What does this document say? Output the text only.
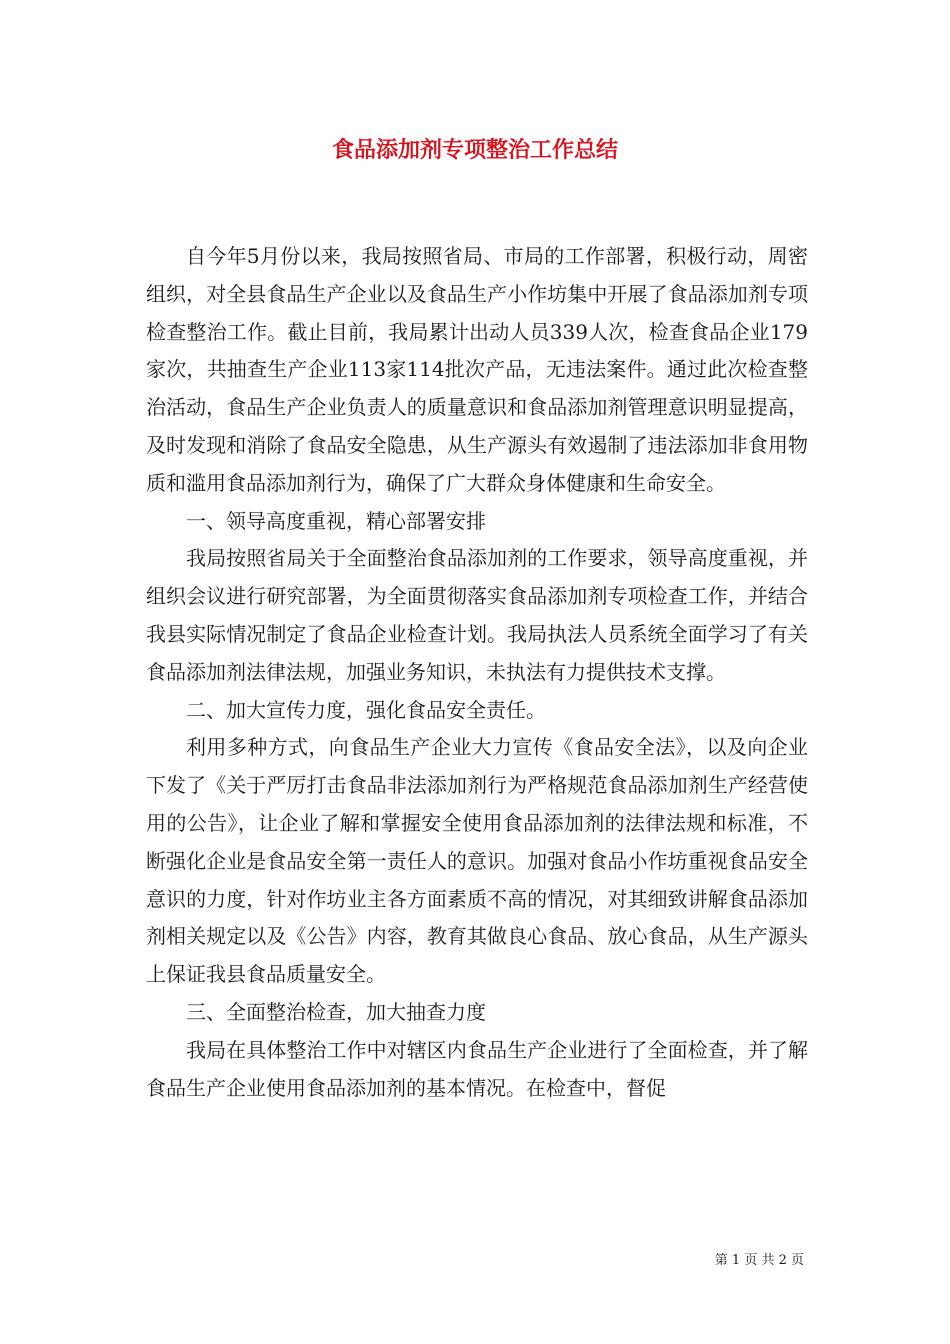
食品添加剂专项整治工作总结

自今年5月份以来，我局按照省局、市局的工作部署，积极行动，周密组织，对全县食品生产企业以及食品生产小作坊集中开展了食品添加剂专项检查整治工作。截止目前，我局累计出动人员339人次，检查食品企业179家次，共抽查生产企业113家114批次产品，无违法案件。通过此次检查整治活动，食品生产企业负责人的质量意识和食品添加剂管理意识明显提高，及时发现和消除了食品安全隐患，从生产源头有效遏制了违法添加非食用物质和滥用食品添加剂行为，确保了广大群众身体健康和生命安全。

一、领导高度重视，精心部署安排

我局按照省局关于全面整治食品添加剂的工作要求，领导高度重视，并组织会议进行研究部署，为全面贯彻落实食品添加剂专项检查工作，并结合我县实际情况制定了食品企业检查计划。我局执法人员系统全面学习了有关食品添加剂法律法规，加强业务知识，未执法有力提供技术支撑。

二、加大宣传力度，强化食品安全责任。

利用多种方式，向食品生产企业大力宣传《食品安全法》，以及向企业下发了《关于严厉打击食品非法添加剂行为严格规范食品添加剂生产经营使用的公告》，让企业了解和掌握安全使用食品添加剂的法律法规和标准，不断强化企业是食品安全第一责任人的意识。加强对食品小作坊重视食品安全意识的力度，针对作坊业主各方面素质不高的情况，对其细致讲解食品添加剂相关规定以及《公告》内容，教育其做良心食品、放心食品，从生产源头上保证我县食品质量安全。

三、全面整治检查，加大抽查力度

我局在具体整治工作中对辖区内食品生产企业进行了全面检查，并了解食品生产企业使用食品添加剂的基本情况。在检查中，督促

第 1 页 共 2 页
